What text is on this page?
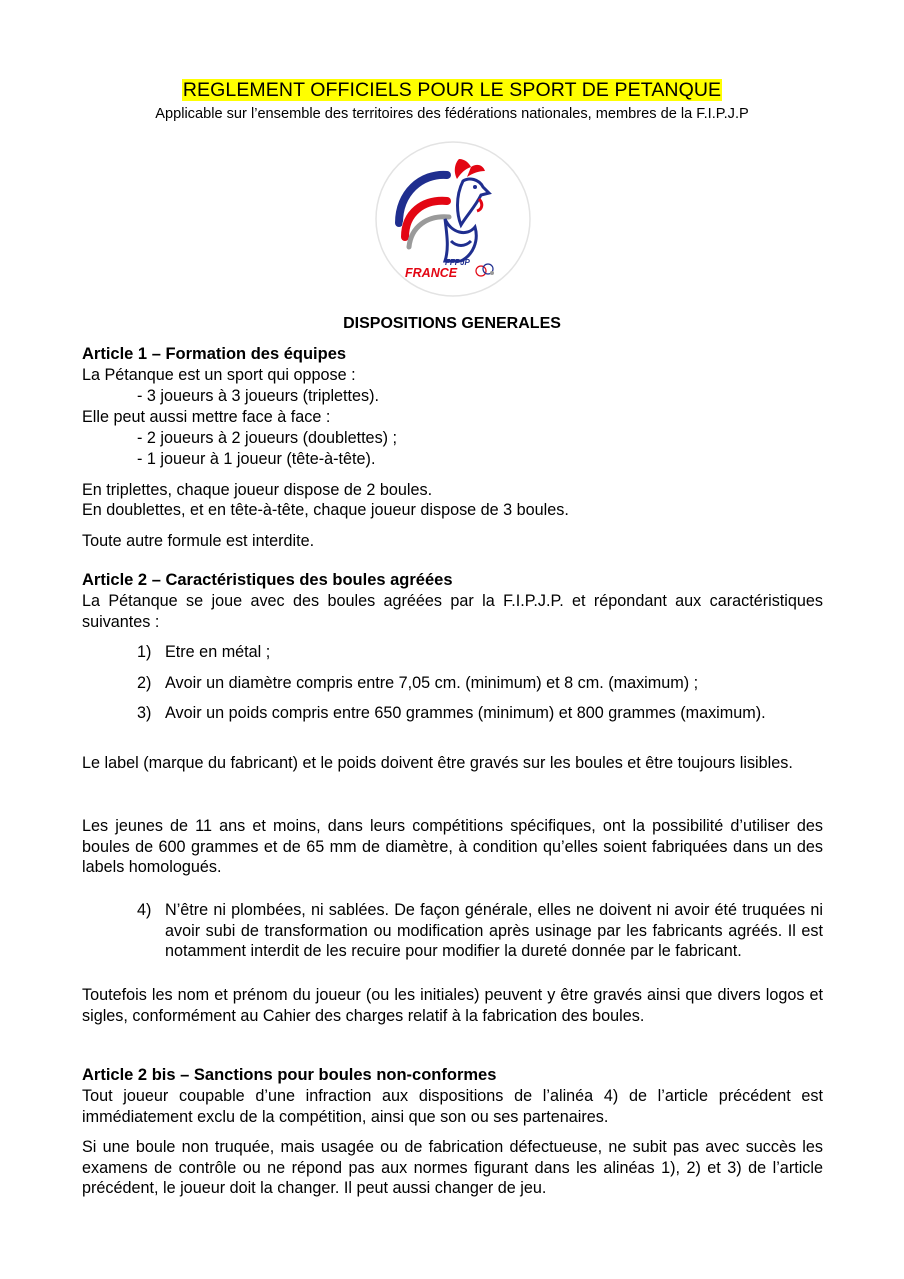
REGLEMENT OFFICIELS POUR LE SPORT DE PETANQUE
Applicable sur l’ensemble des territoires des fédérations nationales, membres de la F.I.P.J.P
FFPJP
FRANCE
DISPOSITIONS GENERALES
Article 1 – Formation des équipes
La Pétanque est un sport qui oppose :
- 3 joueurs à 3 joueurs (triplettes).
Elle peut aussi mettre face à face :
- 2 joueurs à 2 joueurs (doublettes) ;
- 1 joueur à 1 joueur (tête-à-tête).
En triplettes, chaque joueur dispose de 2 boules.
En doublettes, et en tête-à-tête, chaque joueur dispose de 3 boules.
Toute autre formule est interdite.
Article 2 – Caractéristiques des boules agréées
La Pétanque se joue avec des boules agréées par la F.I.P.J.P. et répondant aux caractéristiques suivantes :
1) Etre en métal ;
2) Avoir un diamètre compris entre 7,05 cm. (minimum) et 8 cm. (maximum) ;
3) Avoir un poids compris entre 650 grammes (minimum) et 800 grammes (maximum).
Le label (marque du fabricant) et le poids doivent être gravés sur les boules et être toujours lisibles.
Les jeunes de 11 ans et moins, dans leurs compétitions spécifiques, ont la possibilité d’utiliser des boules de 600 grammes et de 65 mm de diamètre, à condition qu’elles soient fabriquées dans un des labels homologués.
4) N’être ni plombées, ni sablées. De façon générale, elles ne doivent ni avoir été truquées ni avoir subi de transformation ou modification après usinage par les fabricants agréés. Il est notamment interdit de les recuire pour modifier la dureté donnée par le fabricant.
Toutefois les nom et prénom du joueur (ou les initiales) peuvent y être gravés ainsi que divers logos et sigles, conformément au Cahier des charges relatif à la fabrication des boules.
Article 2 bis – Sanctions pour boules non-conformes
Tout joueur coupable d’une infraction aux dispositions de l’alinéa 4) de l’article précédent est immédiatement exclu de la compétition, ainsi que son ou ses partenaires.
Si une boule non truquée, mais usagée ou de fabrication défectueuse, ne subit pas avec succès les examens de contrôle ou ne répond pas aux normes figurant dans les alinéas 1), 2) et 3) de l’article précédent, le joueur doit la changer. Il peut aussi changer de jeu.
